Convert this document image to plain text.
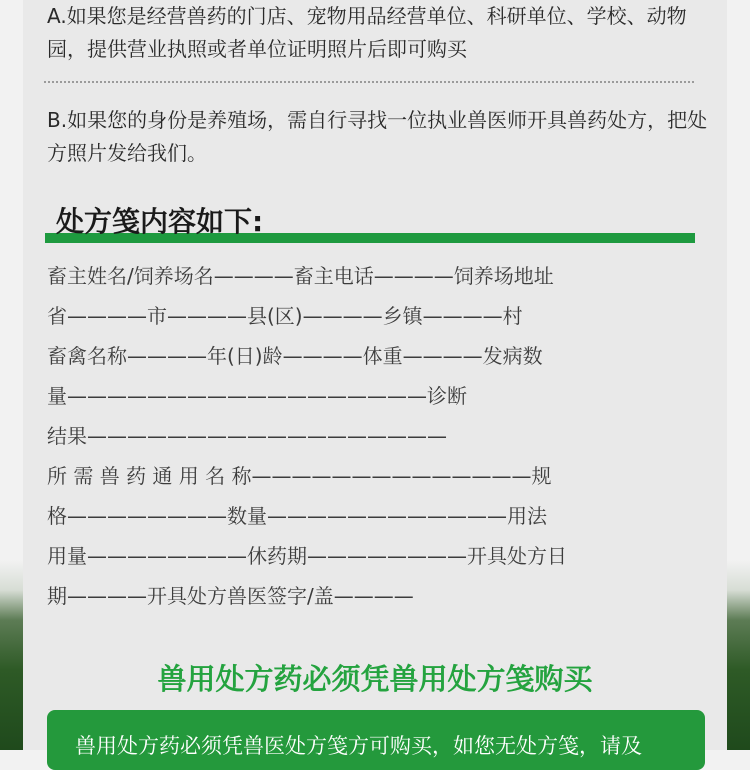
A.如果您是经营兽药的门店、宠物用品经营单位、科研单位、学校、动物园，提供营业执照或者单位证明照片后即可购买

B.如果您的身份是养殖场，需自行寻找一位执业兽医师开具兽药处方，把处方照片发给我们。

处方笺内容如下:
畜主姓名/饲养场名————畜主电话————饲养场地址
省————市————县(区)————乡镇————村
畜禽名称————年(日)龄————体重————发病数
量——————————————————诊断
结果——————————————————
所 需 兽 药 通 用 名 称——————————————规
格————————数量————————————用法
用量————————休药期————————开具处方日
期————开具处方兽医签字/盖————
兽用处方药必须凭兽用处方笺购买
兽用处方药必须凭兽医处方笺方可购买，如您无处方笺，请及
